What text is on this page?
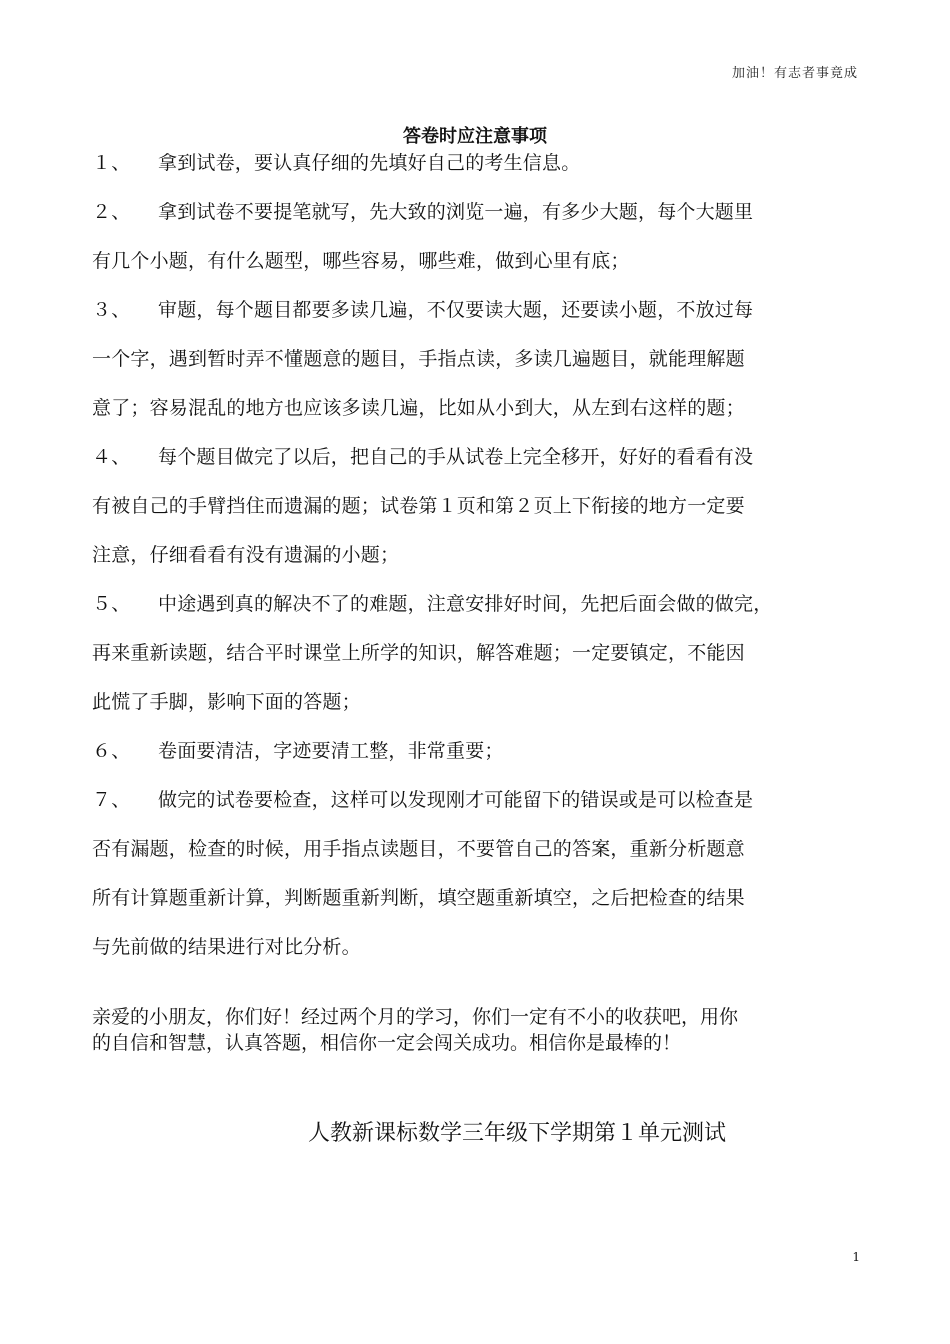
加油！有志者事竟成
答卷时应注意事项
１、 拿到试卷，要认真仔细的先填好自己的考生信息。
２、 拿到试卷不要提笔就写，先大致的浏览一遍，有多少大题，每个大题里
有几个小题，有什么题型，哪些容易，哪些难，做到心里有底；
３、 审题，每个题目都要多读几遍，不仅要读大题，还要读小题，不放过每
一个字，遇到暂时弄不懂题意的题目，手指点读，多读几遍题目，就能理解题
意了；容易混乱的地方也应该多读几遍，比如从小到大，从左到右这样的题；
４、 每个题目做完了以后，把自己的手从试卷上完全移开，好好的看看有没
有被自己的手臂挡住而遗漏的题；试卷第１页和第２页上下衔接的地方一定要
注意，仔细看看有没有遗漏的小题；
５、 中途遇到真的解决不了的难题，注意安排好时间，先把后面会做的做完，
再来重新读题，结合平时课堂上所学的知识，解答难题；一定要镇定，不能因
此慌了手脚，影响下面的答题；
６、 卷面要清洁，字迹要清工整，非常重要；
７、 做完的试卷要检查，这样可以发现刚才可能留下的错误或是可以检查是
否有漏题，检查的时候，用手指点读题目，不要管自己的答案，重新分析题意
所有计算题重新计算，判断题重新判断，填空题重新填空，之后把检查的结果
与先前做的结果进行对比分析。

亲爱的小朋友，你们好！经过两个月的学习，你们一定有不小的收获吧，用你

的自信和智慧，认真答题，相信你一定会闯关成功。相信你是最棒的！

人教新课标数学三年级下学期第１单元测试
1
